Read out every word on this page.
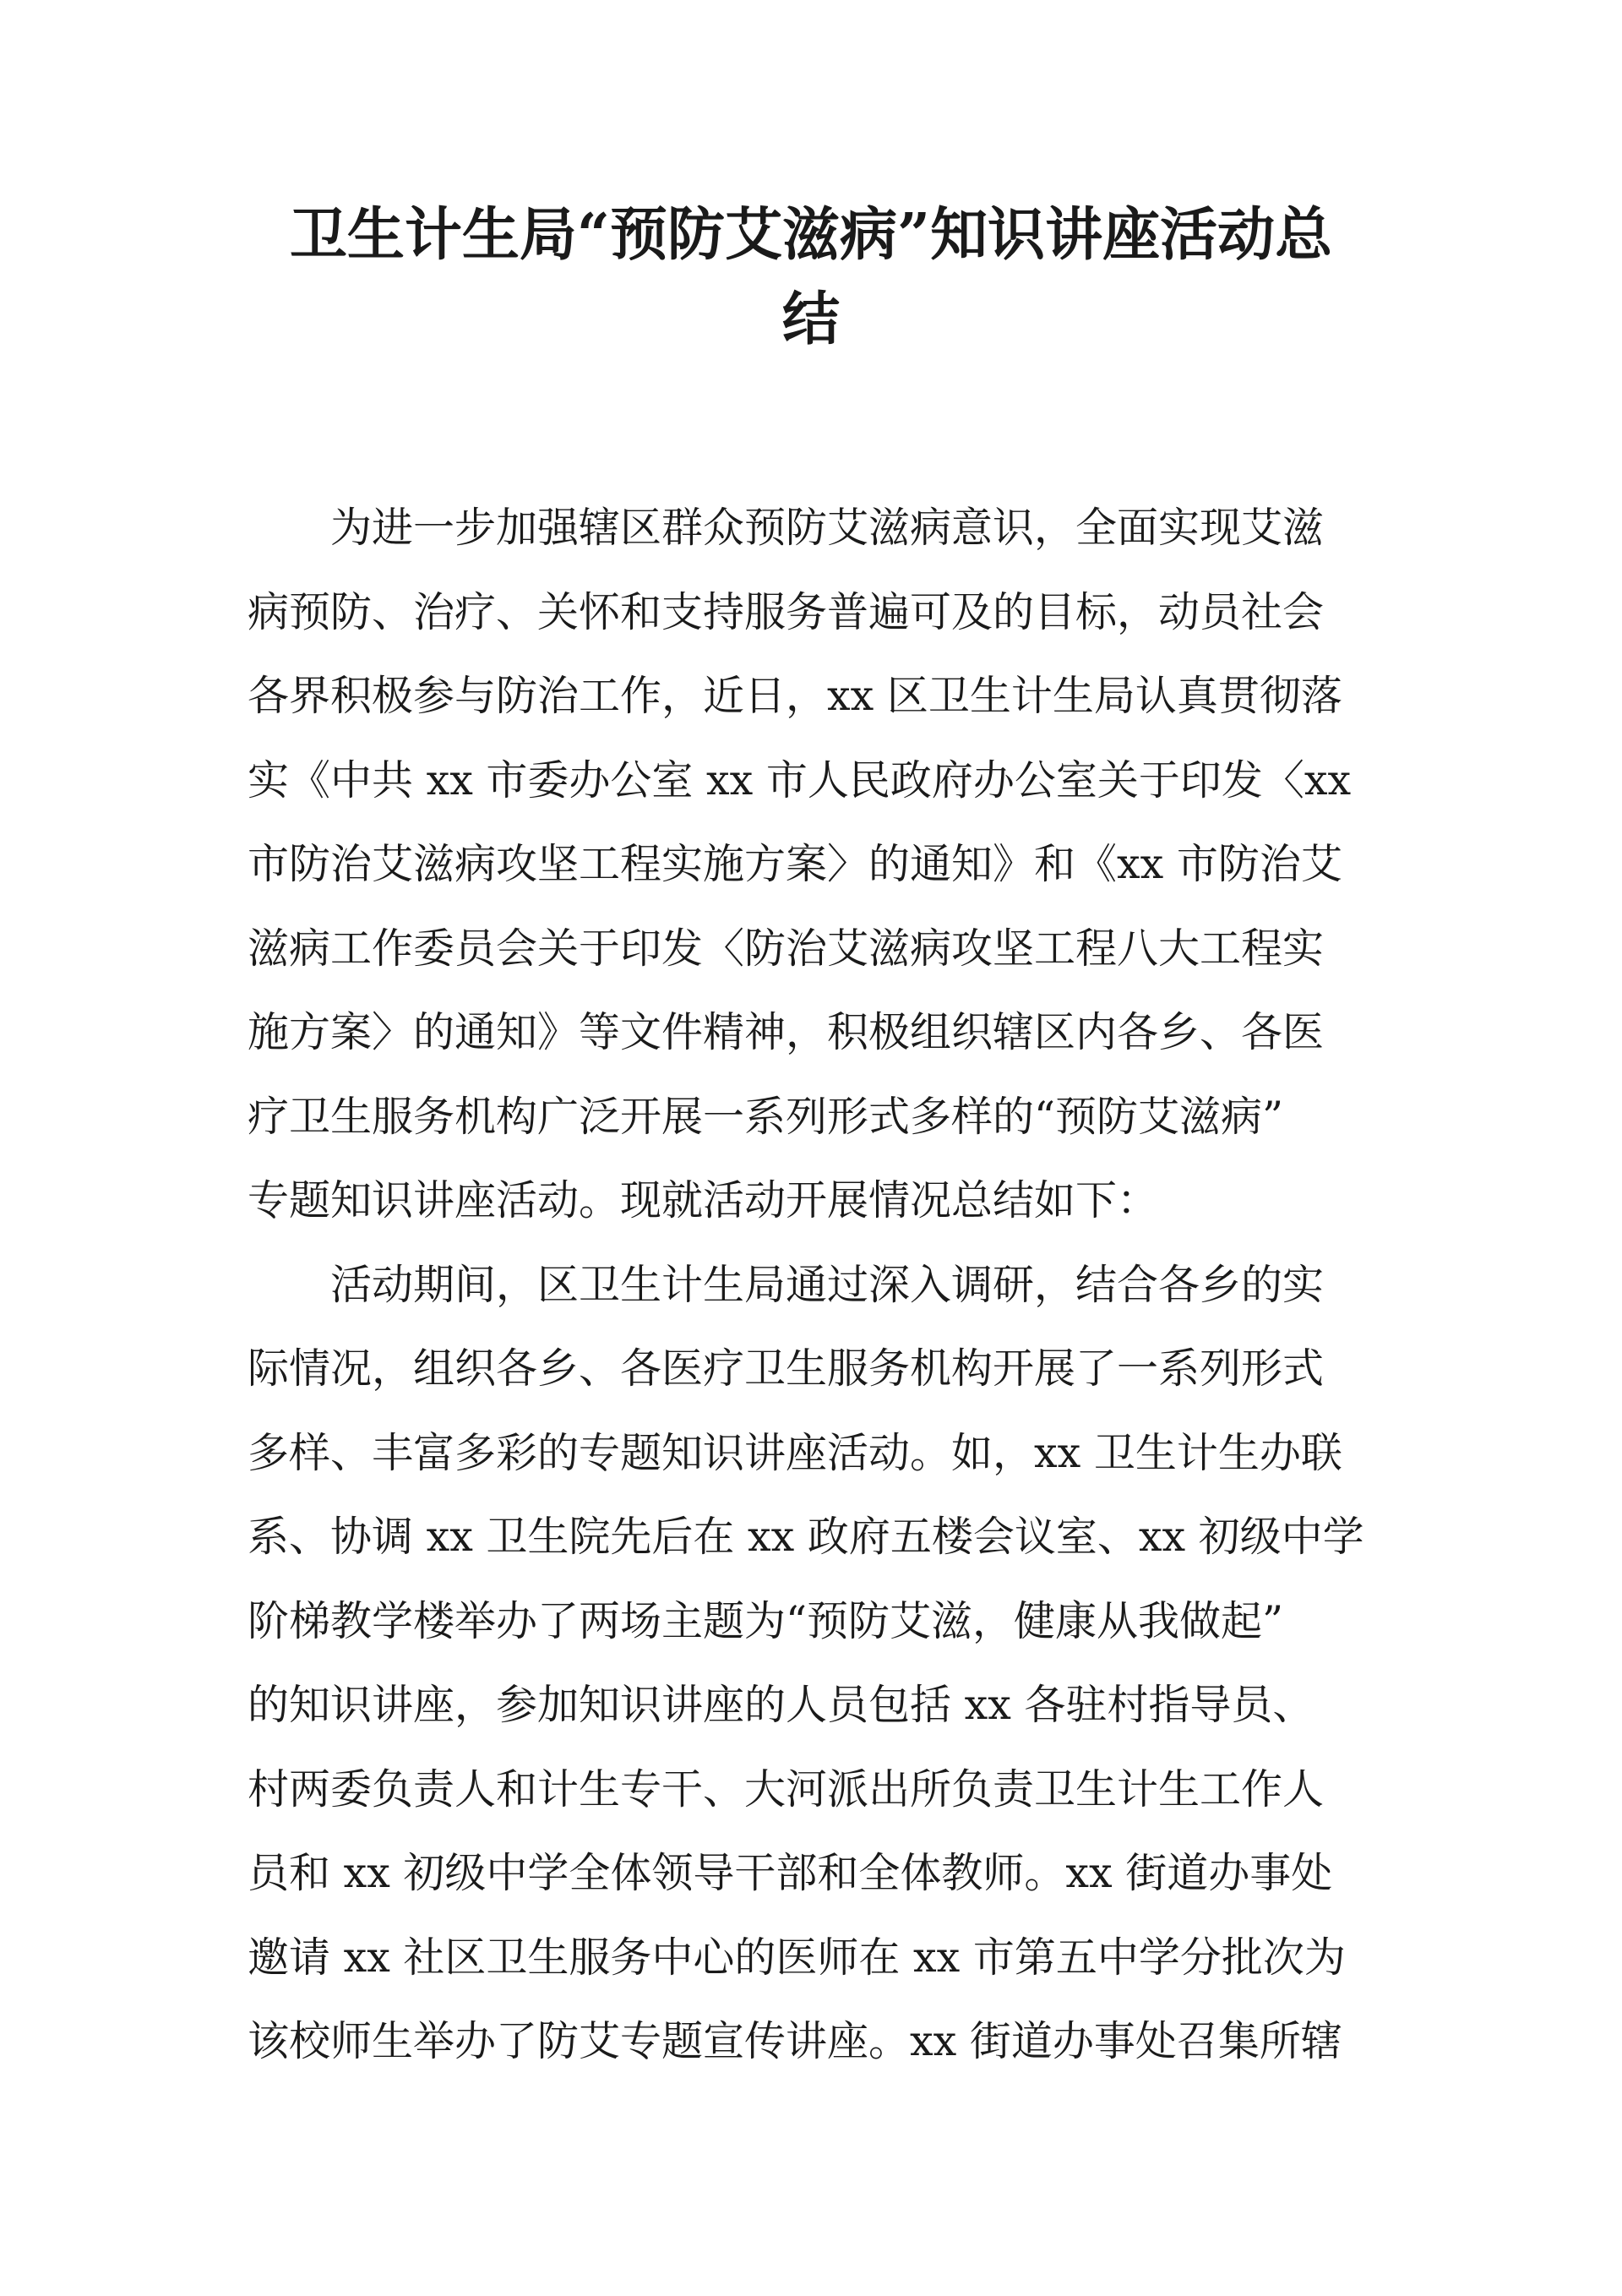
卫生计生局“预防艾滋病”知识讲座活动总
结
为进一步加强辖区群众预防艾滋病意识，全面实现艾滋
病预防、治疗、关怀和支持服务普遍可及的目标，动员社会
各界积极参与防治工作，近日，xx 区卫生计生局认真贯彻落
实《中共 xx 市委办公室 xx 市人民政府办公室关于印发〈xx
市防治艾滋病攻坚工程实施方案〉的通知》和《xx 市防治艾
滋病工作委员会关于印发〈防治艾滋病攻坚工程八大工程实
施方案〉的通知》等文件精神，积极组织辖区内各乡、各医
疗卫生服务机构广泛开展一系列形式多样的“预防艾滋病”
专题知识讲座活动。现就活动开展情况总结如下：
活动期间，区卫生计生局通过深入调研，结合各乡的实
际情况，组织各乡、各医疗卫生服务机构开展了一系列形式
多样、丰富多彩的专题知识讲座活动。如，xx 卫生计生办联
系、协调 xx 卫生院先后在 xx 政府五楼会议室、xx 初级中学
阶梯教学楼举办了两场主题为“预防艾滋，健康从我做起”
的知识讲座，参加知识讲座的人员包括 xx 各驻村指导员、
村两委负责人和计生专干、大河派出所负责卫生计生工作人
员和 xx 初级中学全体领导干部和全体教师。xx 街道办事处
邀请 xx 社区卫生服务中心的医师在 xx 市第五中学分批次为
该校师生举办了防艾专题宣传讲座。xx 街道办事处召集所辖
